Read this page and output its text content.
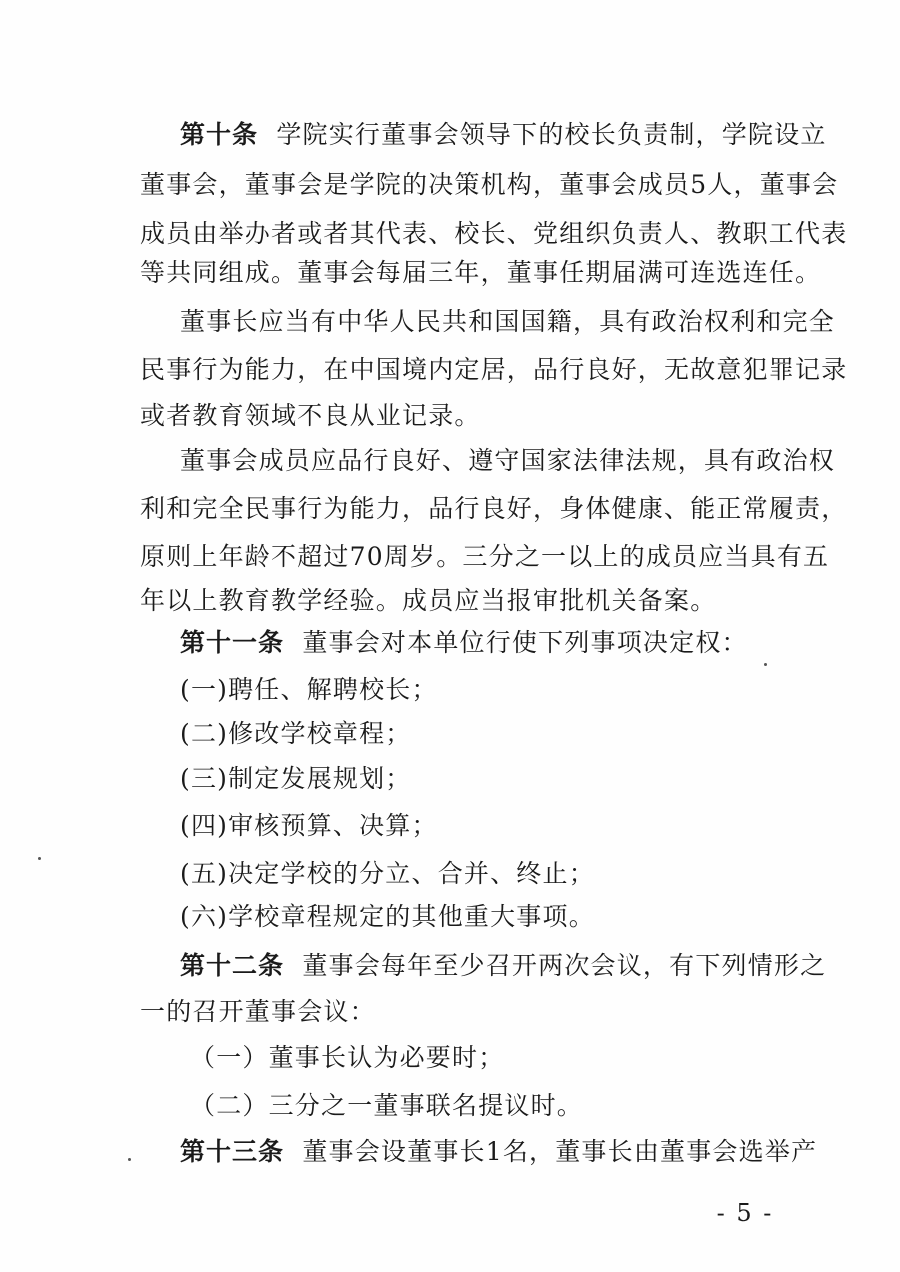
第十条 学院实行董事会领导下的校长负责制，学院设立
董事会，董事会是学院的决策机构，董事会成员5人，董事会
成员由举办者或者其代表、校长、党组织负责人、教职工代表
等共同组成。董事会每届三年，董事任期届满可连选连任。
董事长应当有中华人民共和国国籍，具有政治权利和完全
民事行为能力，在中国境内定居，品行良好，无故意犯罪记录
或者教育领域不良从业记录。
董事会成员应品行良好、遵守国家法律法规，具有政治权
利和完全民事行为能力，品行良好，身体健康、能正常履责，
原则上年龄不超过70周岁。三分之一以上的成员应当具有五
年以上教育教学经验。成员应当报审批机关备案。
第十一条 董事会对本单位行使下列事项决定权：
(一)聘任、解聘校长；
(二)修改学校章程；
(三)制定发展规划；
(四)审核预算、决算；
(五)决定学校的分立、合并、终止；
(六)学校章程规定的其他重大事项。
第十二条 董事会每年至少召开两次会议，有下列情形之
一的召开董事会议：
（一）董事长认为必要时；
（二）三分之一董事联名提议时。
第十三条 董事会设董事长1名，董事长由董事会选举产
- 5 -
